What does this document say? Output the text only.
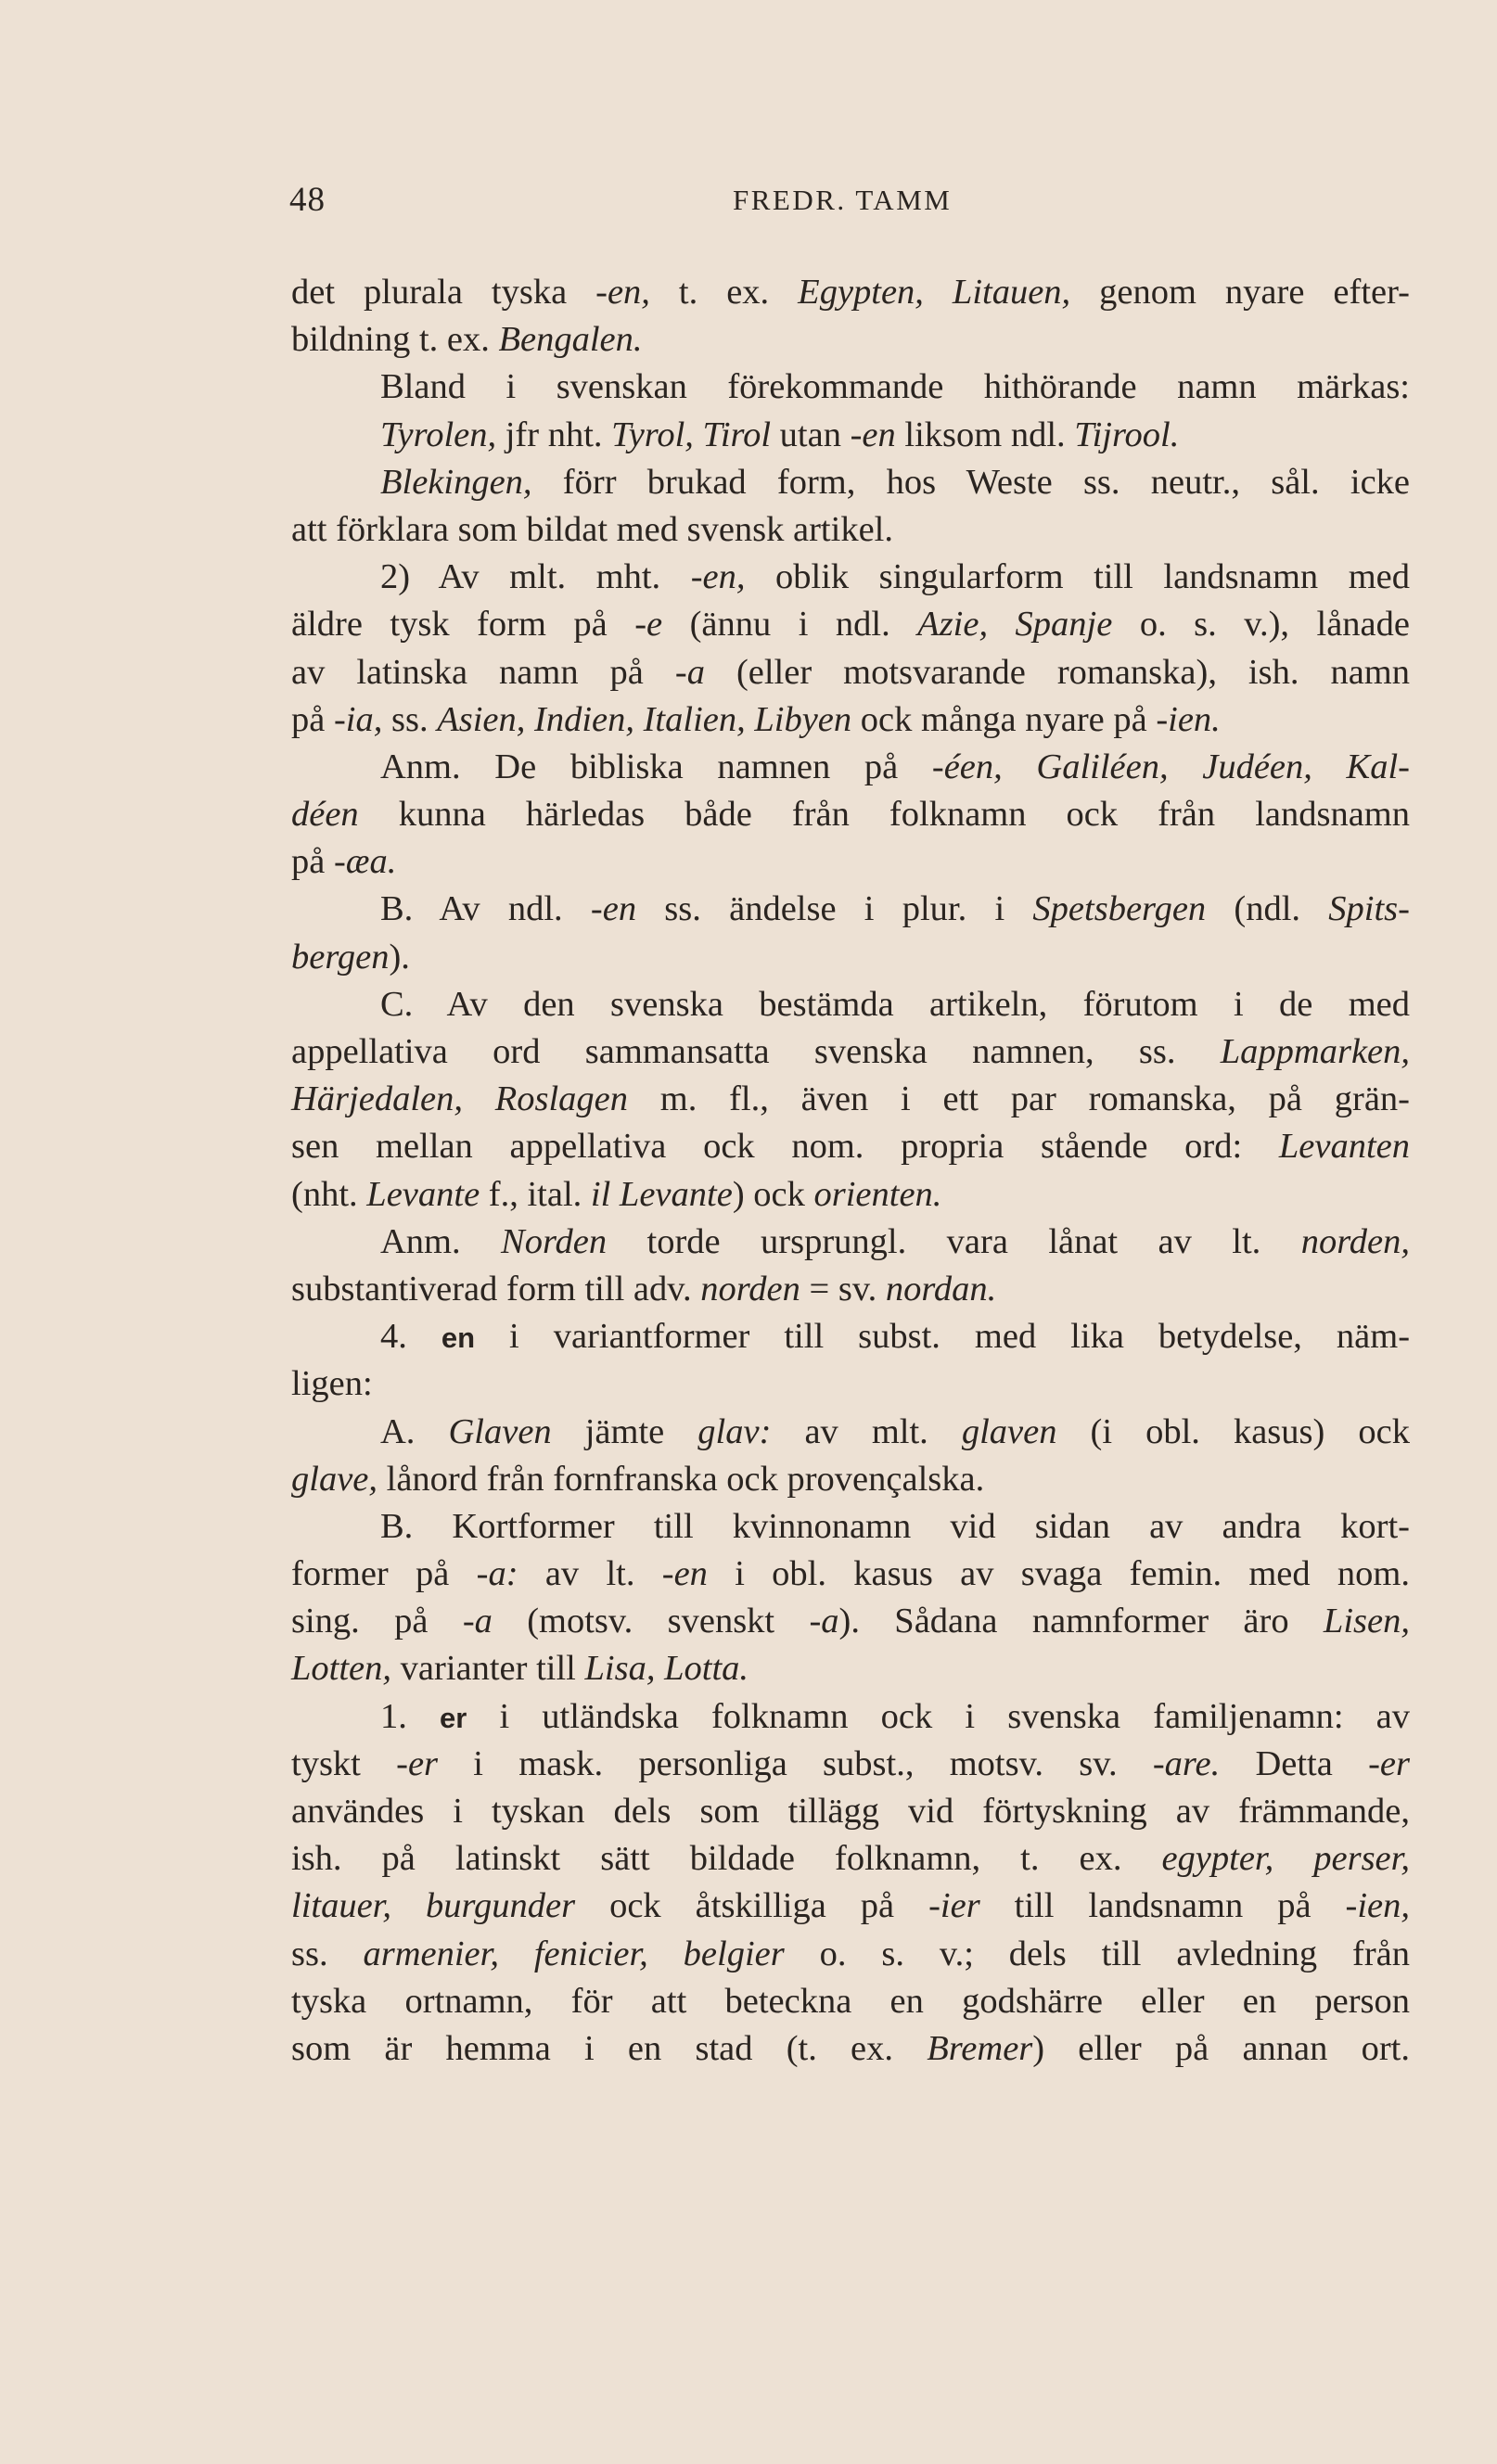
48	FREDR. TAMM
det plurala tyska -en, t. ex. Egypten, Litauen, genom nyare efter-
bildning t. ex. Bengalen.
Bland i svenskan förekommande hithörande namn märkas:
Tyrolen, jfr nht. Tyrol, Tirol utan -en liksom ndl. Tijrool.
Blekingen, förr brukad form, hos Weste ss. neutr., sål. icke
att förklara som bildat med svensk artikel.
2) Av mlt. mht. -en, oblik singularform till landsnamn med
äldre tysk form på -e (ännu i ndl. Azie, Spanje o. s. v.), lånade
av latinska namn på -a (eller motsvarande romanska), ish. namn
på -ia, ss. Asien, Indien, Italien, Libyen ock många nyare på -ien.
Anm. De bibliska namnen på -éen, Galiléen, Judéen, Kal-
déen kunna härledas både från folknamn ock från landsnamn
på -æa.
B. Av ndl. -en ss. ändelse i plur. i Spetsbergen (ndl. Spits-
bergen).
C. Av den svenska bestämda artikeln, förutom i de med
appellativa ord sammansatta svenska namnen, ss. Lappmarken,
Härjedalen, Roslagen m. fl., även i ett par romanska, på grän-
sen mellan appellativa ock nom. propria stående ord: Levanten
(nht. Levante f., ital. il Levante) ock orienten.
Anm. Norden torde ursprungl. vara lånat av lt. norden,
substantiverad form till adv. norden = sv. nordan.
4. en i variantformer till subst. med lika betydelse, näm-
ligen:
A. Glaven jämte glav: av mlt. glaven (i obl. kasus) ock
glave, lånord från fornfranska ock provençalska.
B. Kortformer till kvinnonamn vid sidan av andra kort-
former på -a: av lt. -en i obl. kasus av svaga femin. med nom.
sing. på -a (motsv. svenskt -a). Sådana namnformer äro Lisen,
Lotten, varianter till Lisa, Lotta.
1. er i utländska folknamn ock i svenska familjenamn: av
tyskt -er i mask. personliga subst., motsv. sv. -are. Detta -er
användes i tyskan dels som tillägg vid förtyskning av främmande,
ish. på latinskt sätt bildade folknamn, t. ex. egypter, perser,
litauer, burgunder ock åtskilliga på -ier till landsnamn på -ien,
ss. armenier, fenicier, belgier o. s. v.; dels till avledning från
tyska ortnamn, för att beteckna en godshärre eller en person
som är hemma i en stad (t. ex. Bremer) eller på annan ort.
